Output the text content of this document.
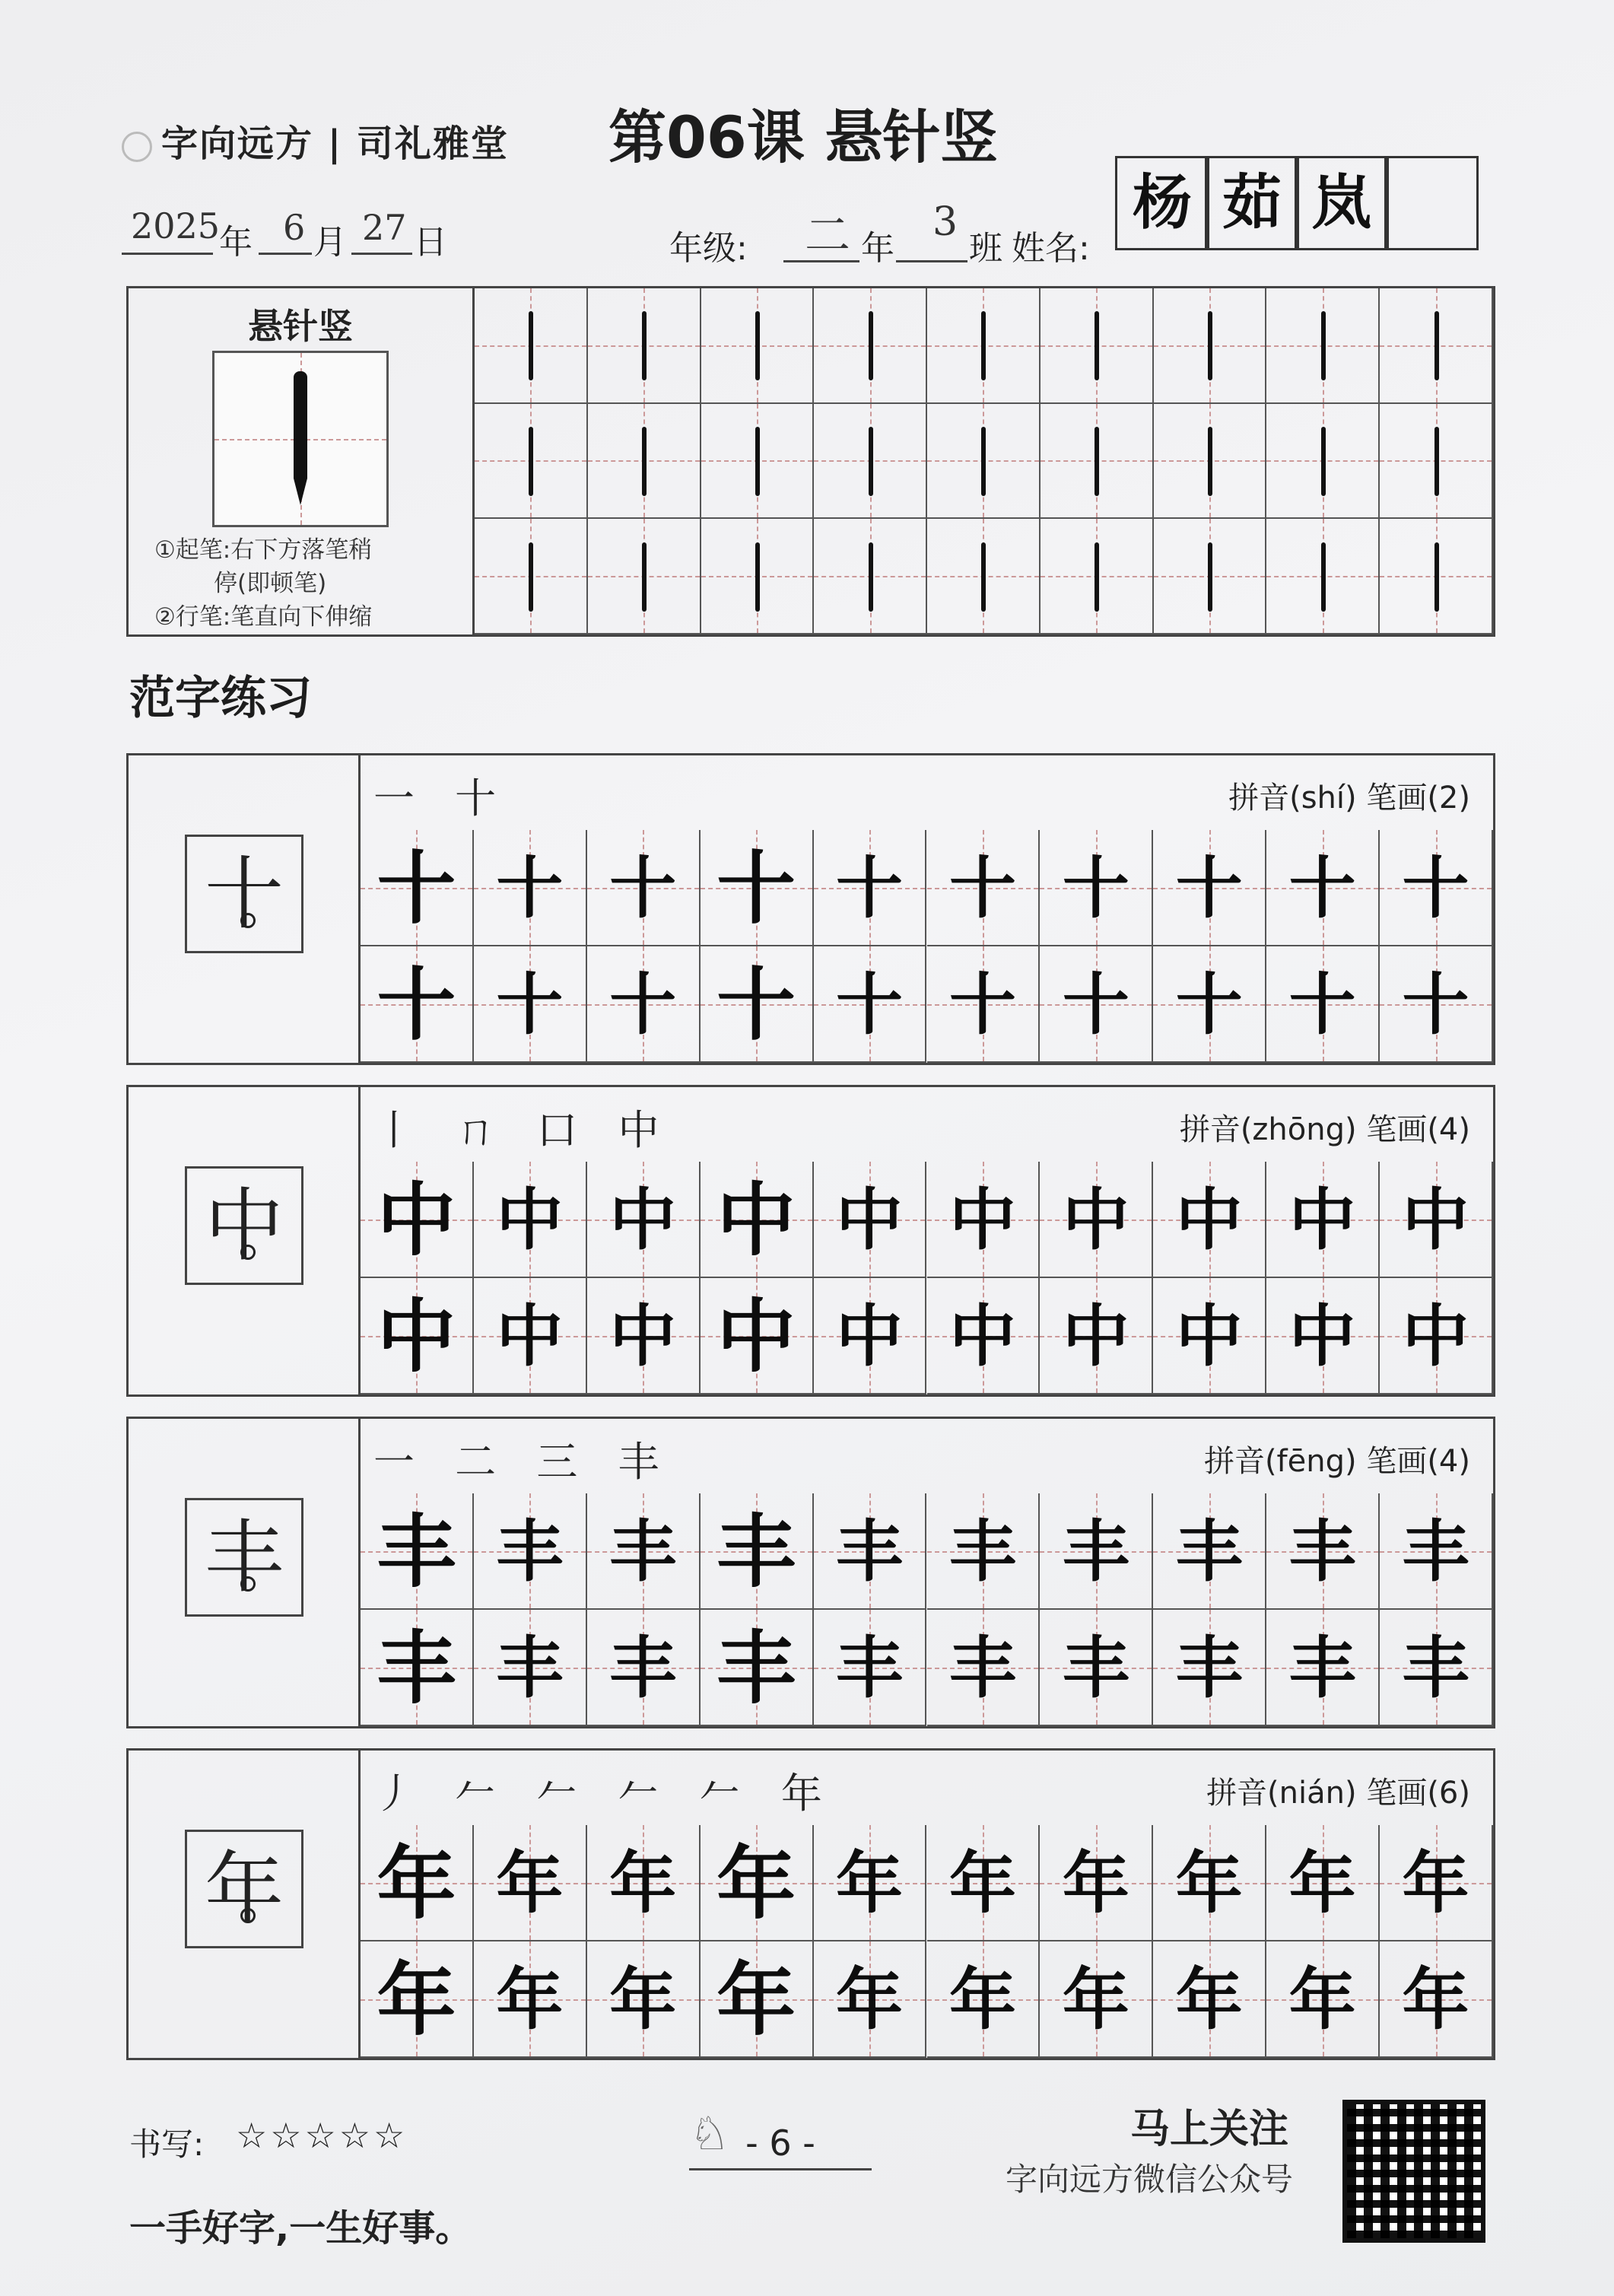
字向远方 | 司礼雅堂 第06课 悬针竖
2025
年 6 月 27 日	年级: 二 年
3
班 姓名:
杨 茹 岚
悬针竖
①起笔:右下方落笔稍
停(即顿笔)
②行笔:笔直向下伸缩
范字练习
十
一 十	拼音(shí) 笔画(2)
十 十 十 十 十 十 十 十 十 十
十 十 十 十 十 十 十 十 十 十
中
丨 ㄇ 口 中	拼音(zhōng) 笔画(4)
中 中 中 中 中 中 中 中 中 中
中 中 中 中 中 中 中 中 中 中
丰
一 二 三 丰	拼音(fēng) 笔画(4)
丰 丰 丰 丰 丰 丰 丰 丰 丰 丰
丰 丰 丰 丰 丰 丰 丰 丰 丰 丰
年
丿 𠂉 𠂉 𠂉 𠂉 年	拼音(nián) 笔画(6)
年 年 年 年 年 年 年 年 年 年
年 年 年 年 年 年 年 年 年 年
书写: ☆☆☆☆☆	♘ - 6 -	马上关注
字向远方微信公众号
一手好字,一生好事。
